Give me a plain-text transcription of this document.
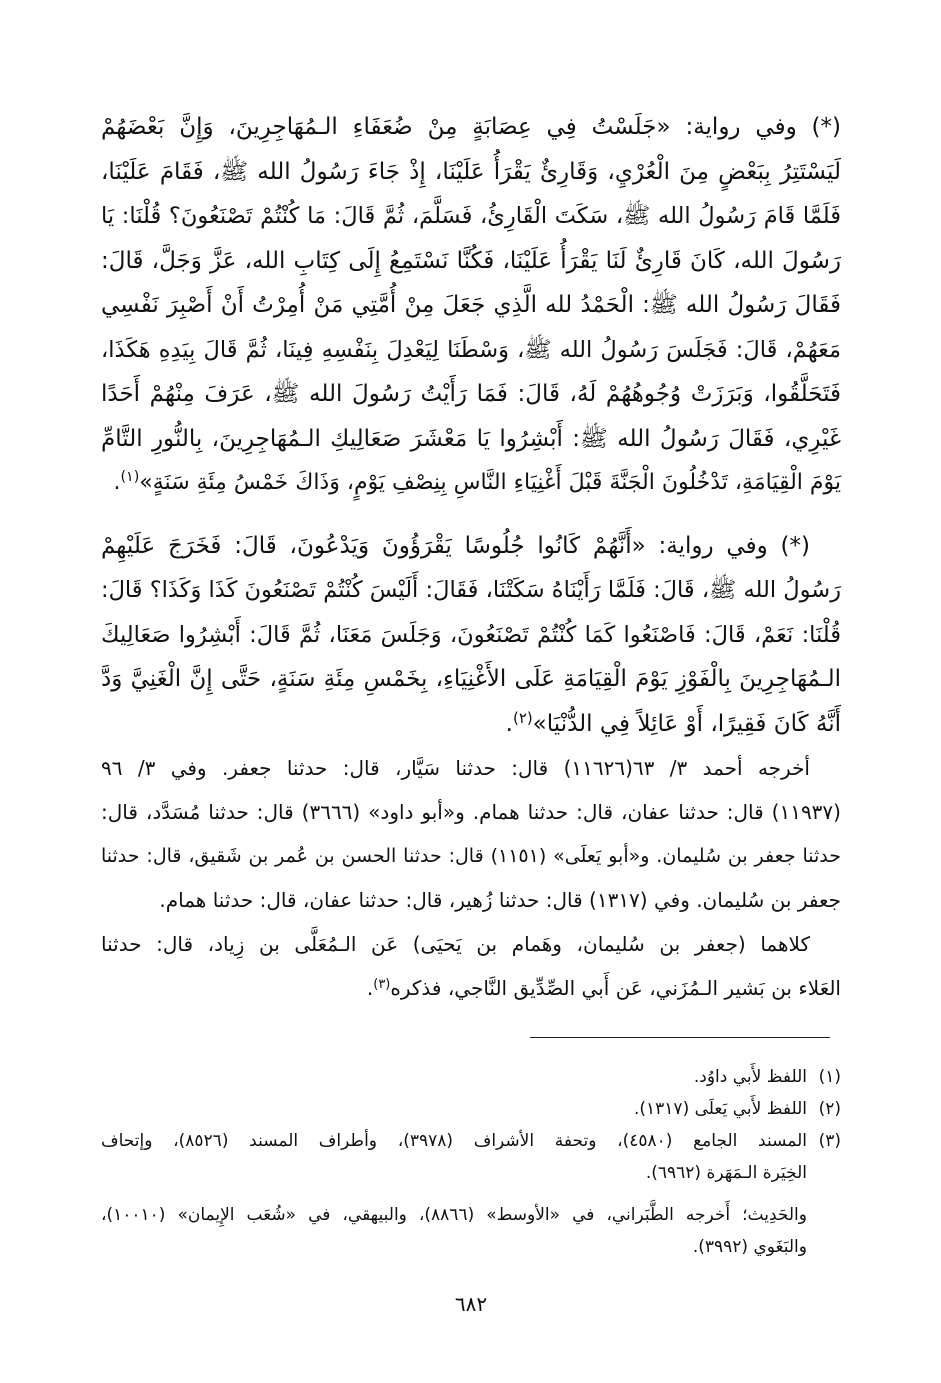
(*) وفي رواية: «جَلَسْتُ فِي عِصَابَةٍ مِنْ ضُعَفَاءِ الـمُهَاجِرِينَ، وَإِنَّ بَعْضَهُمْ
لَيَسْتَتِرُ بِبَعْضٍ مِنَ الْعُرْيِ، وَقَارِئٌ يَقْرَأُ عَلَيْنَا، إِذْ جَاءَ رَسُولُ الله ﷺ، فَقَامَ عَلَيْنَا،
فَلَمَّا قَامَ رَسُولُ الله ﷺ، سَكَتَ الْقَارِئُ، فَسَلَّمَ، ثُمَّ قَالَ: مَا كُنْتُمْ تَصْنَعُونَ؟ قُلْنَا: يَا
رَسُولَ الله، كَانَ قَارِئٌ لَنَا يَقْرَأُ عَلَيْنَا، فَكُنَّا نَسْتَمِعُ إِلَى كِتَابِ الله، عَزَّ وَجَلَّ، قَالَ:
فَقَالَ رَسُولُ الله ﷺ: الْحَمْدُ لله الَّذِي جَعَلَ مِنْ أُمَّتِي مَنْ أُمِرْتُ أَنْ أَصْبِرَ نَفْسِي
مَعَهُمْ، قَالَ: فَجَلَسَ رَسُولُ الله ﷺ، وَسْطَنَا لِيَعْدِلَ بِنَفْسِهِ فِينَا، ثُمَّ قَالَ بِيَدِهِ هَكَذَا،
فَتَحَلَّقُوا، وَبَرَزَتْ وُجُوهُهُمْ لَهُ، قَالَ: فَمَا رَأَيْتُ رَسُولَ الله ﷺ، عَرَفَ مِنْهُمْ أَحَدًا
غَيْرِي، فَقَالَ رَسُولُ الله ﷺ: أَبْشِرُوا يَا مَعْشَرَ صَعَالِيكِ الـمُهَاجِرِينَ، بِالنُّورِ التَّامِّ
يَوْمَ الْقِيَامَةِ، تَدْخُلُونَ الْجَنَّةَ قَبْلَ أَغْنِيَاءِ النَّاسِ بِنِصْفِ يَوْمٍ، وَذَاكَ خَمْسُ مِئَةِ سَنَةٍ»$^{(١)}$.
(*) وفي رواية: «أَنَّهُمْ كَانُوا جُلُوسًا يَقْرَؤُونَ وَيَدْعُونَ، قَالَ: فَخَرَجَ عَلَيْهِمْ
رَسُولُ الله ﷺ، قَالَ: فَلَمَّا رَأَيْنَاهُ سَكَتْنَا، فَقَالَ: أَلَيْسَ كُنْتُمْ تَصْنَعُونَ كَذَا وَكَذَا؟ قَالَ:
قُلْنَا: نَعَمْ، قَالَ: فَاصْنَعُوا كَمَا كُنْتُمْ تَصْنَعُونَ، وَجَلَسَ مَعَنَا، ثُمَّ قَالَ: أَبْشِرُوا صَعَالِيكَ
الـمُهَاجِرِينَ بِالْفَوْزِ يَوْمَ الْقِيَامَةِ عَلَى الأَغْنِيَاءِ، بِخَمْسِ مِئَةِ سَنَةٍ، حَتَّى إِنَّ الْغَنِيَّ وَدَّ
أَنَّهُ كَانَ فَقِيرًا، أَوْ عَائِلاً فِي الدُّنْيَا»$^{(٢)}$.
أخرجه أحمد ٣/ ٦٣(١١٦٢٦) قال: حدثنا سَيَّار، قال: حدثنا جعفر. وفي ٣/ ٩٦
(١١٩٣٧) قال: حدثنا عفان، قال: حدثنا همام. و«أبو داود» (٣٦٦٦) قال: حدثنا مُسَدَّد، قال:
حدثنا جعفر بن سُليمان. و«أبو يَعلَى» (١١٥١) قال: حدثنا الحسن بن عُمر بن شَقيق، قال: حدثنا
جعفر بن سُليمان. وفي (١٣١٧) قال: حدثنا زُهير، قال: حدثنا عفان، قال: حدثنا همام.
كلاهما (جعفر بن سُليمان، وهَمام بن يَحيَى) عَن الـمُعَلَّى بن زِياد، قال: حدثنا
العَلاء بن بَشير الـمُزَني، عَن أَبي الصِّدِّيق النَّاجي، فذكره$^{(٣)}$.
(١)
اللفظ لأَبي داوُد.
(٢)
اللفظ لأَبي يَعلَى (١٣١٧).
(٣)
المسند الجامع (٤٥٨٠)، وتحفة الأشراف (٣٩٧٨)، وأطراف المسند (٨٥٢٦)، وإتحاف
الخِيَرة الـمَهَرة (٦٩٦٢).
والحَدِيث؛ أَخرجه الطَّبَراني، في «الأوسط» (٨٨٦٦)، والبيهقي، في «شُعَب الإِيمان» (١٠٠١٠)،
والبَغَوي (٣٩٩٢).
٦٨٢
